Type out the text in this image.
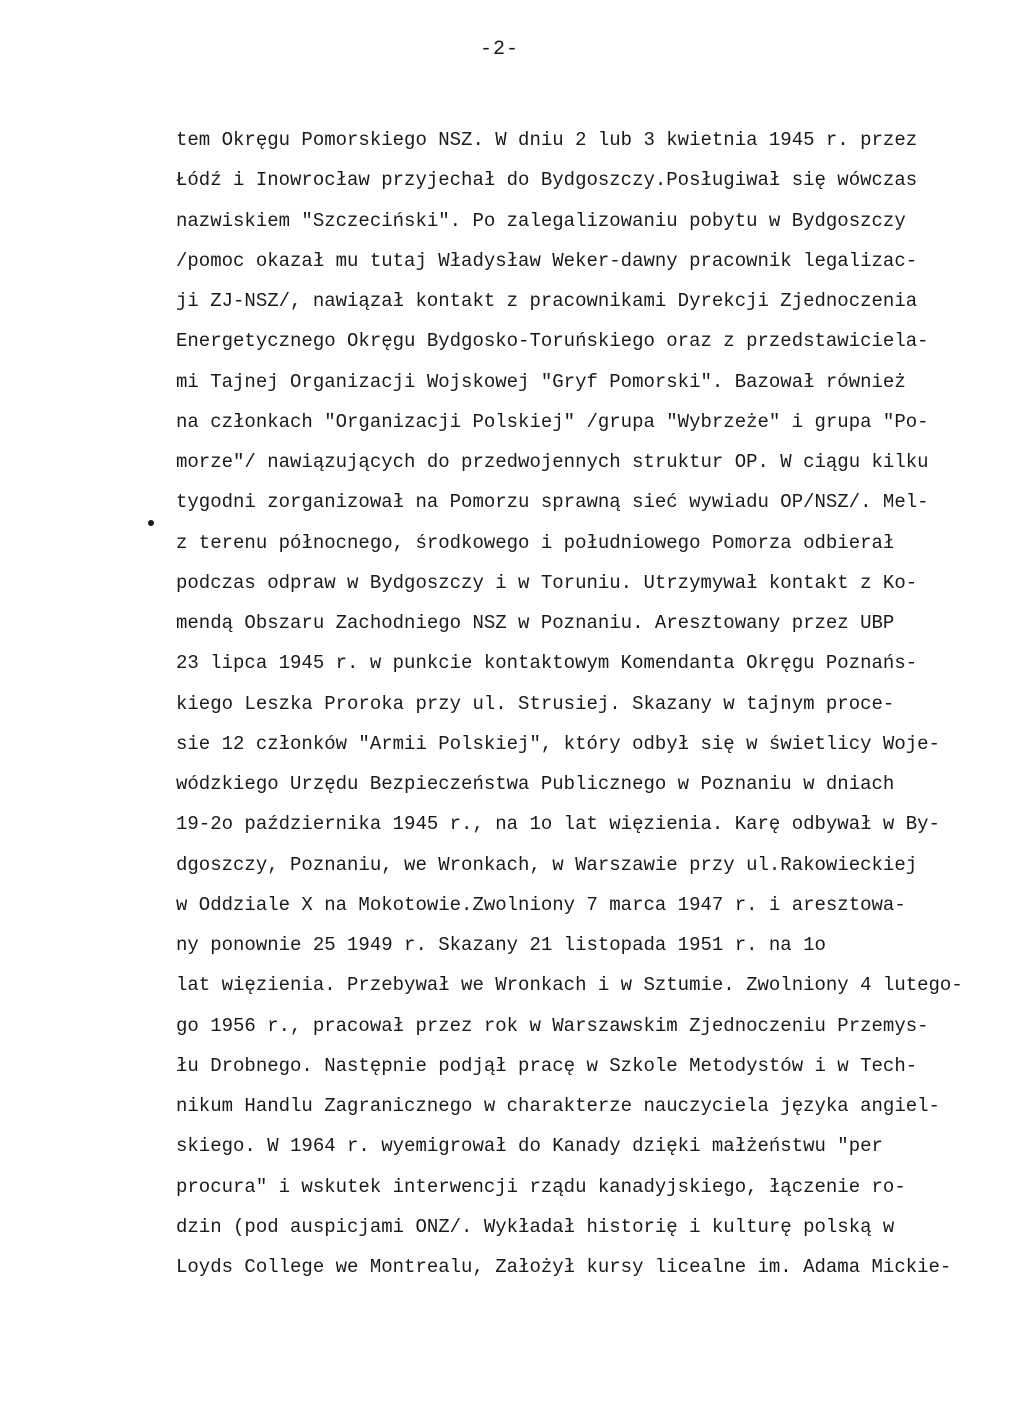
-2-
tem Okręgu Pomorskiego NSZ. W dniu 2 lub 3 kwietnia 1945 r. przez
Łódź i Inowrocław przyjechał do Bydgoszczy.Posługiwał się wówczas
nazwiskiem "Szczeciński". Po zalegalizowaniu pobytu w Bydgoszczy
/pomoc okazał mu tutaj Władysław Weker-dawny pracownik legalizac-
ji ZJ-NSZ/, nawiązał kontakt z pracownikami Dyrekcji Zjednoczenia
Energetycznego Okręgu Bydgosko-Toruńskiego oraz z przedstawiciela-
mi Tajnej Organizacji Wojskowej "Gryf Pomorski". Bazował również
na członkach "Organizacji Polskiej" /grupa "Wybrzeże" i grupa "Po-
morze"/ nawiązujących do przedwojennych struktur OP. W ciągu kilku
tygodni zorganizował na Pomorzu sprawną sieć wywiadu OP/NSZ/. Mel-
z terenu północnego, środkowego i południowego Pomorza odbierał
podczas odpraw w Bydgoszczy i w Toruniu. Utrzymywał kontakt z Ko-
mendą Obszaru Zachodniego NSZ w Poznaniu. Aresztowany przez UBP
23 lipca 1945 r. w punkcie kontaktowym Komendanta Okręgu Poznańs-
kiego Leszka Proroka przy ul. Strusiej. Skazany w tajnym proce-
sie 12 członków "Armii Polskiej", który odbył się w świetlicy Woje-
wódzkiego Urzędu Bezpieczeństwa Publicznego w Poznaniu w dniach
19-2o października 1945 r., na 1o lat więzienia. Karę odbywał w By-
dgoszczy, Poznaniu, we Wronkach, w Warszawie przy ul.Rakowieckiej
w Oddziale X na Mokotowie.Zwolniony 7 marca 1947 r. i aresztowa-
ny ponownie 25 1949 r. Skazany 21 listopada 1951 r. na 1o
lat więzienia. Przebywał we Wronkach i w Sztumie. Zwolniony 4 lutego-
go 1956 r., pracował przez rok w Warszawskim Zjednoczeniu Przemys-
łu Drobnego. Następnie podjął pracę w Szkole Metodystów i w Tech-
nikum Handlu Zagranicznego w charakterze nauczyciela języka angiel-
skiego. W 1964 r. wyemigrował do Kanady dzięki małżeństwu "per
procura" i wskutek interwencji rządu kanadyjskiego, łączenie ro-
dzin (pod auspicjami ONZ/. Wykładał historię i kulturę polską w
Loyds College we Montrealu, Założył kursy licealne im. Adama Mickie-
